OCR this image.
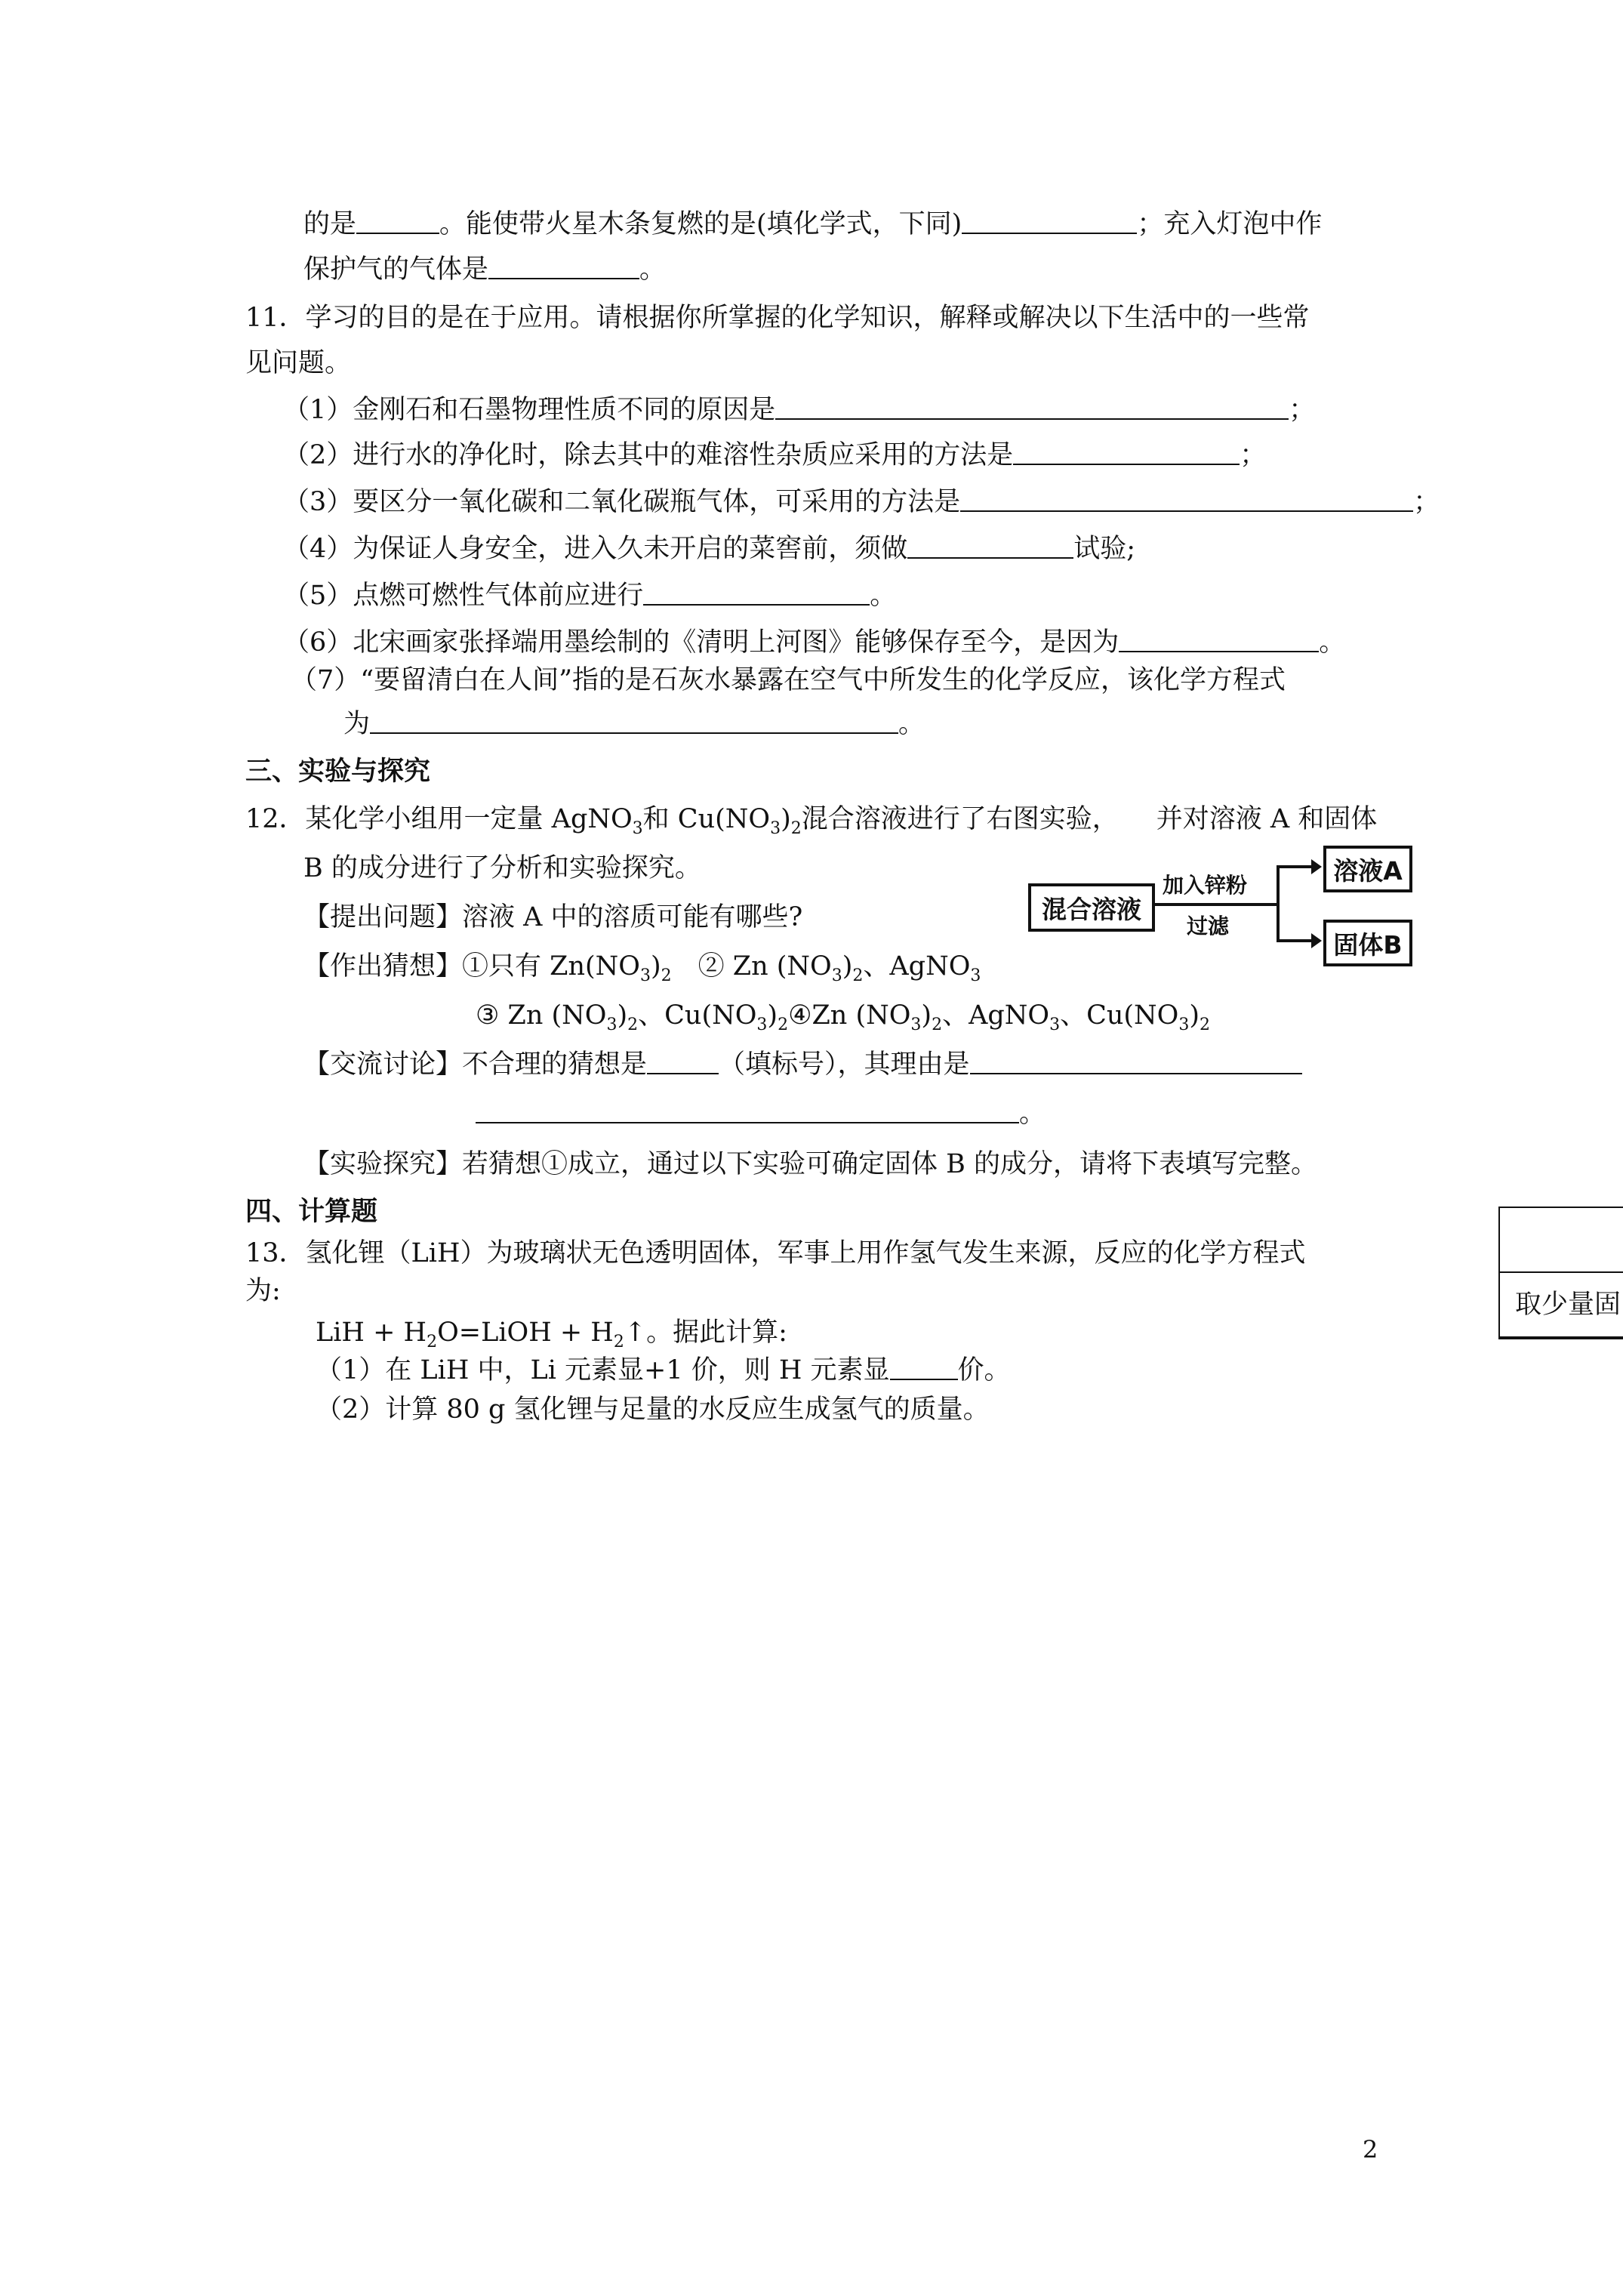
的是	。能使带火星木条复燃的是(填化学式，下同)	；充入灯泡中作
保护气的气体是	。
11．学习的目的是在于应用。请根据你所掌握的化学知识，解释或解决以下生活中的一些常
见问题。
（1）金刚石和石墨物理性质不同的原因是	；
（2）进行水的净化时，除去其中的难溶性杂质应采用的方法是	；
（3）要区分一氧化碳和二氧化碳瓶气体，可采用的方法是	；
（4）为保证人身安全，进入久未开启的菜窖前，须做	试验;
（5）点燃可燃性气体前应进行	。
（6）北宋画家张择端用墨绘制的《清明上河图》能够保存至今，是因为	。
（7）“要留清白在人间”指的是石灰水暴露在空气中所发生的化学反应，该化学方程式
为	。
三、实验与探究
12．某化学小组用一定量 AgNO$_3$和 $Cu(NO_3)_2$混合溶液进行了右图实验， 并对溶液 A 和固体
B 的成分进行了分析和实验探究。
【提出问题】溶液 A 中的溶质可能有哪些?
【作出猜想】①只有 $Zn(NO_3)_2$　② Zn $(NO_3)_2$、AgNO$_3$
③ Zn $(NO_3)_2$、$Cu(NO_3)_2④Zn$ $(NO_3)_2$、AgNO$_3$、$Cu(NO_3)_2$
【交流讨论】不合理的猜想是	（填标号），其理由是
。
【实验探究】若猜想①成立，通过以下实验可确定固体 B 的成分，请将下表填写完整。
混合溶液
加入锌粉
过滤
溶液A
固体B
四、计算题
13．氢化锂（LiH）为玻璃状无色透明固体，军事上用作氢气发生来源，反应的化学方程式
为:
LiH + $H_2O=LiOH$ + $H_2↑$。据此计算:
（1）在 LiH 中，Li 元素显+1 价，则 H 元素显	价。
（2）计算 80 g 氢化锂与足量的水反应生成氢气的质量。
取少量固
2
